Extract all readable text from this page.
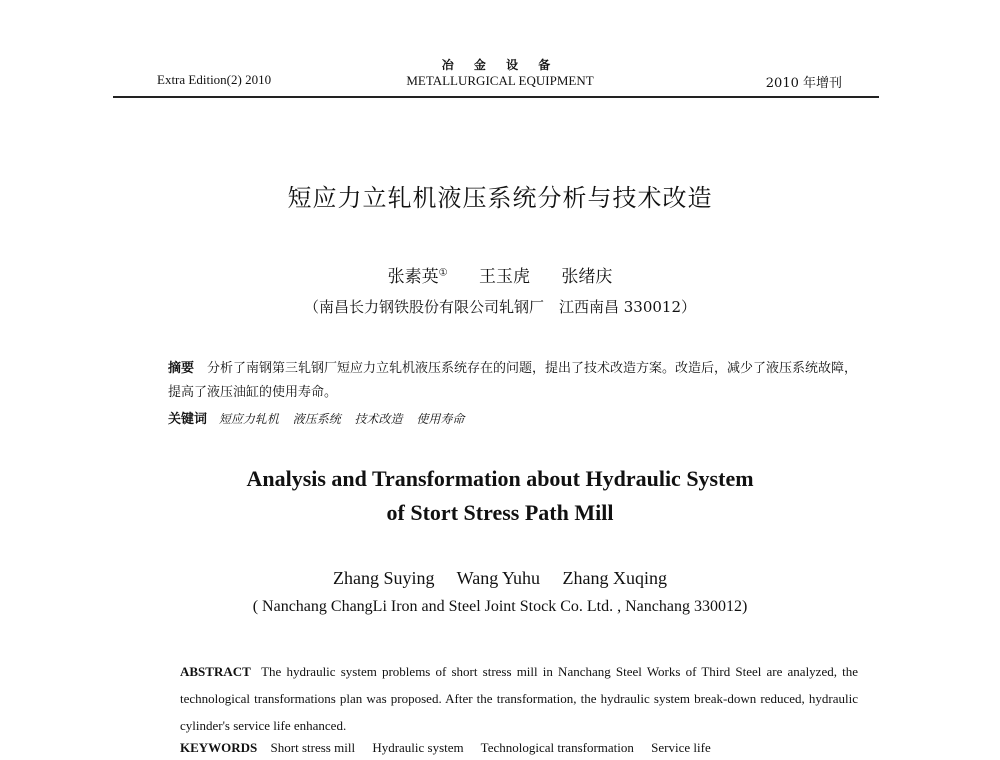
Extra Edition(2) 2010
冶 金 设 备
METALLURGICAL EQUIPMENT	2010 年增刊
短应力立轧机液压系统分析与技术改造
张素英① 王玉虎 张绪庆
（南昌长力钢铁股份有限公司轧钢厂　江西南昌 330012）
摘要　 分析了南钢第三轧钢厂短应力立轧机液压系统存在的问题，提出了技术改造方案。改造后，减少了液压系统故障，提高了液压油缸的使用寿命。
关键词 短应力轧机 液压系统 技术改造 使用寿命
Analysis and Transformation about Hydraulic System
of Stort Stress Path Mill
Zhang Suying Wang Yuhu Zhang Xuqing
( Nanchang ChangLi Iron and Steel Joint Stock Co. Ltd. , Nanchang 330012)
ABSTRACT The hydraulic system problems of short stress mill in Nanchang Steel Works of Third Steel are analyzed, the technological transformations plan was proposed. After the transformation, the hydraulic system break-down reduced, hydraulic cylinder's service life enhanced.
KEYWORDS Short stress mill Hydraulic system Technological transformation Service life
